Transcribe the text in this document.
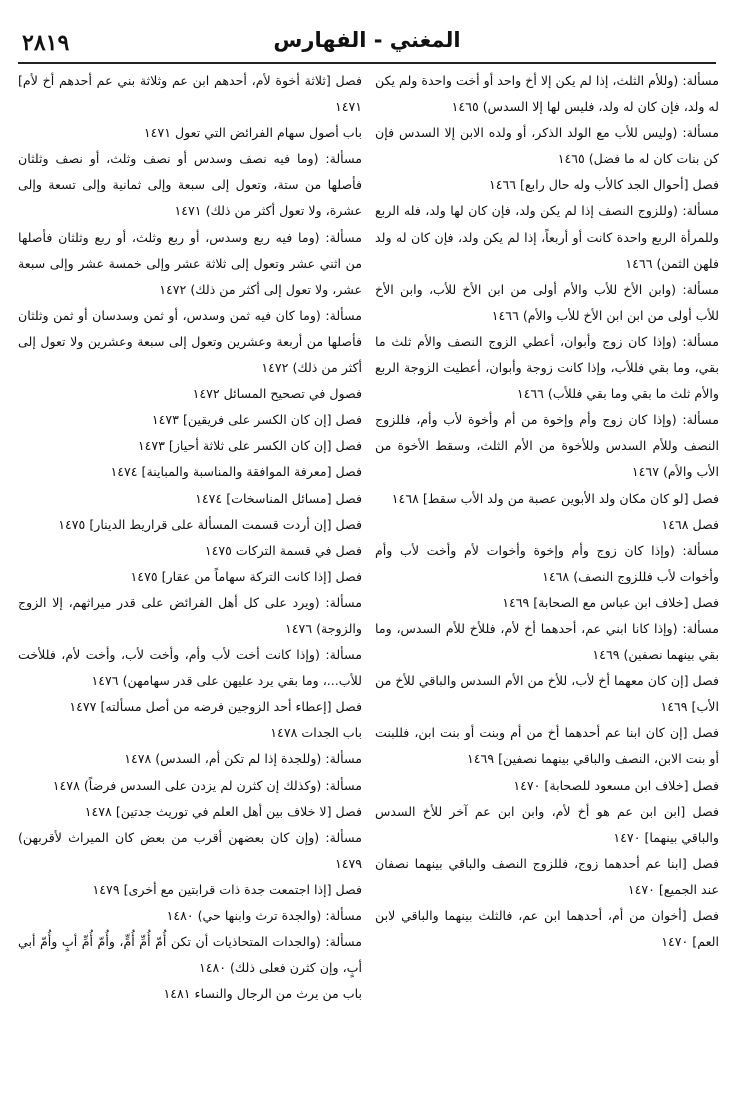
٢٨١٩	المغني - الفهارس

مسألة: (وللأم الثلث، إذا لم يكن إلا أخ واحد أو أخت واحدة ولم يكن له ولد، فإن كان له ولد، فليس لها إلا السدس) ١٤٦٥

مسألة: (وليس للأب مع الولد الذكر، أو ولده الابن إلا السدس فإن كن بنات كان له ما فضل) ١٤٦٥

فصل [أحوال الجد كالأب وله حال رابع] ١٤٦٦

مسألة: (وللزوج النصف إذا لم يكن ولد، فإن كان لها ولد، فله الربع وللمرأة الربع واحدة كانت أو أربعاً، إذا لم يكن ولد، فإن كان له ولد فلهن الثمن) ١٤٦٦

مسألة: (وابن الأخ للأب والأم أولى من ابن الأخ للأب، وابن الأخ للأب أولى من ابن ابن الأخ للأب والأم) ١٤٦٦

مسألة: (وإذا كان زوج وأبوان، أعطي الزوج النصف والأم ثلث ما بقي، وما بقي فللأب، وإذا كانت زوجة وأبوان، أعطيت الزوجة الربع والأم ثلث ما بقي وما بقي فللأب) ١٤٦٦

مسألة: (وإذا كان زوج وأم وإخوة من أم وأخوة لأب وأم، فللزوج النصف وللأم السدس وللأخوة من الأم الثلث، وسقط الأخوة من الأب والأم) ١٤٦٧

فصل [لو كان مكان ولد الأبوين عصبة من ولد الأب سقط] ١٤٦٨

فصل ١٤٦٨

مسألة: (وإذا كان زوج وأم وإخوة وأخوات لأم وأخت لأب وأم وأخوات لأب فللزوج النصف) ١٤٦٨

فصل [خلاف ابن عباس مع الصحابة] ١٤٦٩

مسألة: (وإذا كانا ابني عم، أحدهما أخ لأم، فللأخ للأم السدس، وما بقي بينهما نصفين) ١٤٦٩

فصل [إن كان معهما أخ لأب، للأخ من الأم السدس والباقي للأخ من الأب] ١٤٦٩

فصل [إن كان ابنا عم أحدهما أخ من أم وبنت أو بنت ابن، فللبنت أو بنت الابن، النصف والباقي بينهما نصفين] ١٤٦٩

فصل [خلاف ابن مسعود للصحابة] ١٤٧٠

فصل [ابن ابن عم هو أخ لأم، وابن ابن عم آخر للأخ السدس والباقي بينهما] ١٤٧٠

فصل [ابنا عم أحدهما زوج، فللزوج النصف والباقي بينهما نصفان عند الجميع] ١٤٧٠

فصل [أخوان من أم، أحدهما ابن عم، فالثلث بينهما والباقي لابن العم] ١٤٧٠

فصل [ثلاثة أخوة لأم، أحدهم ابن عم وثلاثة بني عم أحدهم أخ لأم] ١٤٧١

باب أصول سهام الفرائض التي تعول ١٤٧١

مسألة: (وما فيه نصف وسدس أو نصف وثلث، أو نصف وثلثان فأصلها من ستة، وتعول إلى سبعة وإلى ثمانية وإلى تسعة وإلى عشرة، ولا تعول أكثر من ذلك) ١٤٧١

مسألة: (وما فيه ربع وسدس، أو ربع وثلث، أو ربع وثلثان فأصلها من اثني عشر وتعول إلى ثلاثة عشر وإلى خمسة عشر وإلى سبعة عشر، ولا تعول إلى أكثر من ذلك) ١٤٧٢

مسألة: (وما كان فيه ثمن وسدس، أو ثمن وسدسان أو ثمن وثلثان فأصلها من أربعة وعشرين وتعول إلى سبعة وعشرين ولا تعول إلى أكثر من ذلك) ١٤٧٢

فصول في تصحيح المسائل ١٤٧٢

فصل [إن كان الكسر على فريقين] ١٤٧٣

فصل [إن كان الكسر على ثلاثة أحياز] ١٤٧٣

فصل [معرفة الموافقة والمناسبة والمباينة] ١٤٧٤

فصل [مسائل المناسخات] ١٤٧٤

فصل [إن أردت قسمت المسألة على قراريط الدينار] ١٤٧٥

فصل في قسمة التركات ١٤٧٥

فصل [إذا كانت التركة سهاماً من عقار] ١٤٧٥

مسألة: (ويرد على كل أهل الفرائض على قدر ميراثهم، إلا الزوج والزوجة) ١٤٧٦

مسألة: (وإذا كانت أخت لأب وأم، وأخت لأب، وأخت لأم، فللأخت للأب...، وما بقي يرد عليهن على قدر سهامهن) ١٤٧٦

فصل [إعطاء أحد الزوجين فرضه من أصل مسألته] ١٤٧٧

باب الجدات ١٤٧٨

مسألة: (وللجدة إذا لم تكن أم، السدس) ١٤٧٨

مسألة: (وكذلك إن كثرن لم يزدن على السدس فرضاً) ١٤٧٨

فصل [لا خلاف بين أهل العلم في توريث جدتين] ١٤٧٨

مسألة: (وإن كان بعضهن أقرب من بعض كان الميراث لأقربهن) ١٤٧٩

فصل [إذا اجتمعت جدة ذات قرابتين مع أخرى] ١٤٧٩

مسألة: (والجدة ترث وابنها حي) ١٤٨٠

مسألة: (والجدات المتحاذيات أن تكن أُمّ أُمِّ أُمٍّ، وأُمّ أُمِّ أبٍ وأُمّ أبي أبٍ، وإن كثرن فعلى ذلك) ١٤٨٠

باب من يرث من الرجال والنساء ١٤٨١
